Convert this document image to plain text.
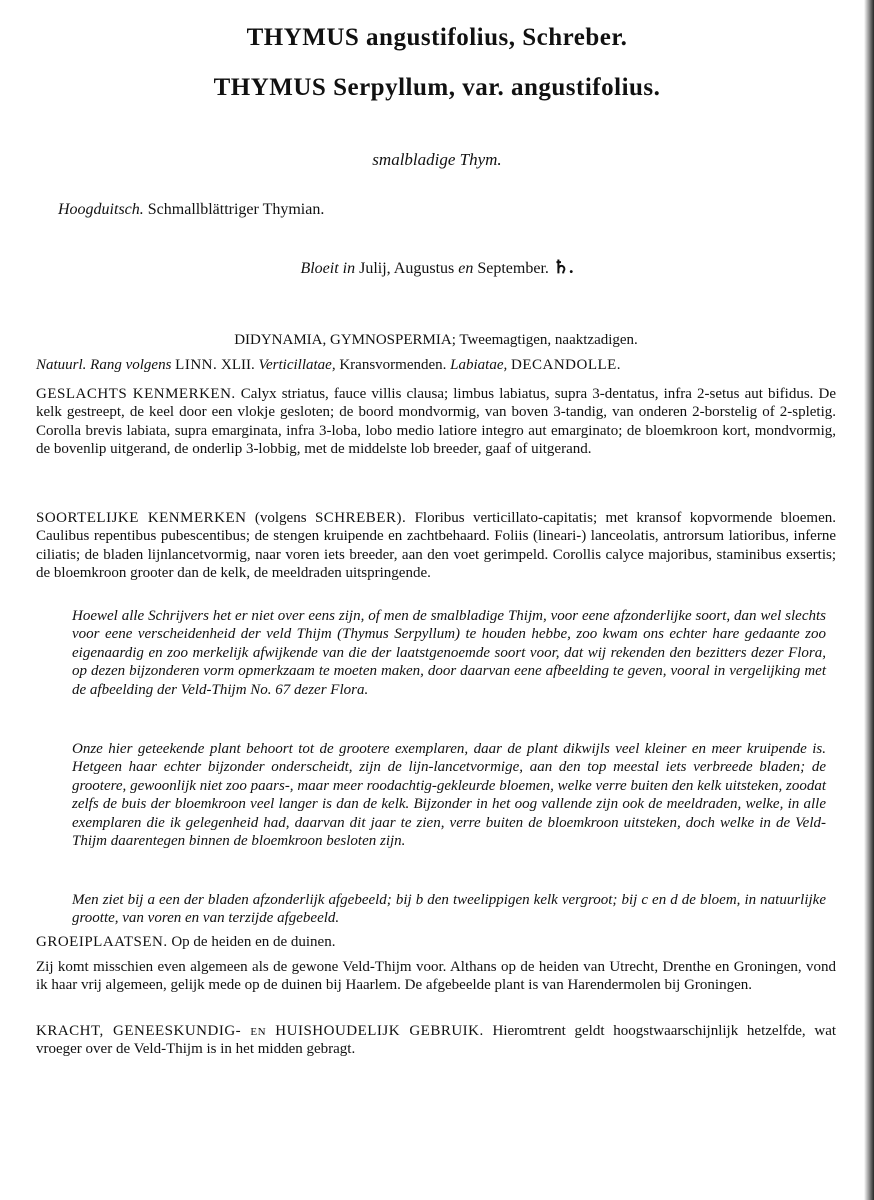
THYMUS angustifolius, Schreber.
THYMUS Serpyllum, var. angustifolius.
smalbladige Thym.
Hoogduitsch. Schmallblättriger Thymian.
Bloeit in Julij, Augustus en September. ♄.
DIDYNAMIA, GYMNOSPERMIA; Tweemagtigen, naaktzadigen.
Natuurl. Rang volgens LINN. XLII. Verticillatae, Kransvormenden. Labiatae, DECANDOLLE.
GESLACHTS KENMERKEN. Calyx striatus, fauce villis clausa; limbus labiatus, supra 3-dentatus, infra 2-setus aut bifidus. De kelk gestreept, de keel door een vlokje gesloten; de boord mondvormig, van boven 3-tandig, van onderen 2-borstelig of 2-spletig. Corolla brevis labiata, supra emarginata, infra 3-loba, lobo medio latiore integro aut emarginato; de bloemkroon kort, mondvormig, de bovenlip uitgerand, de onderlip 3-lobbig, met de middelste lob breeder, gaaf of uitgerand.
SOORTELIJKE KENMERKEN (volgens SCHREBER). Floribus verticillato-capitatis; met kransof kopvormende bloemen. Caulibus repentibus pubescentibus; de stengen kruipende en zachtbehaard. Foliis (lineari-) lanceolatis, antrorsum latioribus, inferne ciliatis; de bladen lijnlancetvormig, naar voren iets breeder, aan den voet gerimpeld. Corollis calyce majoribus, staminibus exsertis; de bloemkroon grooter dan de kelk, de meeldraden uitspringende.
Hoewel alle Schrijvers het er niet over eens zijn, of men de smalbladige Thijm, voor eene afzonderlijke soort, dan wel slechts voor eene verscheidenheid der veld Thijm (Thymus Serpyllum) te houden hebbe, zoo kwam ons echter hare gedaante zoo eigenaardig en zoo merkelijk afwijkende van die der laatstgenoemde soort voor, dat wij rekenden den bezitters dezer Flora, op dezen bijzonderen vorm opmerkzaam te moeten maken, door daarvan eene afbeelding te geven, vooral in vergelijking met de afbeelding der Veld-Thijm No. 67 dezer Flora.
Onze hier geteekende plant behoort tot de grootere exemplaren, daar de plant dikwijls veel kleiner en meer kruipende is. Hetgeen haar echter bijzonder onderscheidt, zijn de lijn-lancetvormige, aan den top meestal iets verbreede bladen; de grootere, gewoonlijk niet zoo paars-, maar meer roodachtig-gekleurde bloemen, welke verre buiten den kelk uitsteken, zoodat zelfs de buis der bloemkroon veel langer is dan de kelk. Bijzonder in het oog vallende zijn ook de meeldraden, welke, in alle exemplaren die ik gelegenheid had, daarvan dit jaar te zien, verre buiten de bloemkroon uitsteken, doch welke in de Veld-Thijm daarentegen binnen de bloemkroon besloten zijn.
Men ziet bij a een der bladen afzonderlijk afgebeeld; bij b den tweelippigen kelk vergroot; bij c en d de bloem, in natuurlijke grootte, van voren en van terzijde afgebeeld.
GROEIPLAATSEN. Op de heiden en de duinen.
Zij komt misschien even algemeen als de gewone Veld-Thijm voor. Althans op de heiden van Utrecht, Drenthe en Groningen, vond ik haar vrij algemeen, gelijk mede op de duinen bij Haarlem. De afgebeelde plant is van Harendermolen bij Groningen.
KRACHT, GENEESKUNDIG- en HUISHOUDELIJK GEBRUIK. Hieromtrent geldt hoogstwaarschijnlijk hetzelfde, wat vroeger over de Veld-Thijm is in het midden gebragt.
